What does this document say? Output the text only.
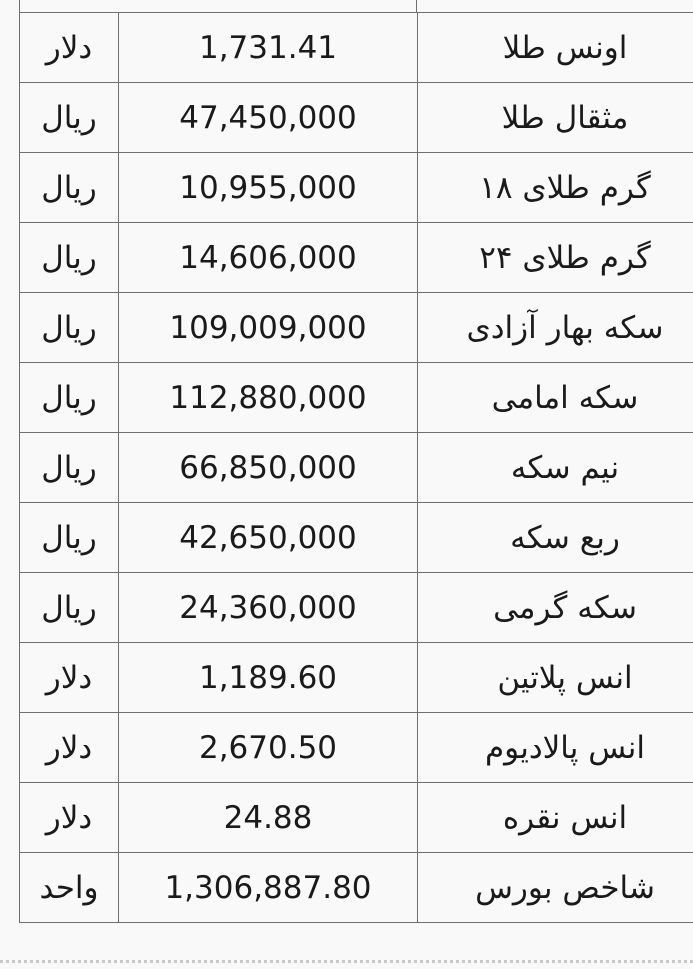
دلار	1,731.41	اونس طلا
ریال	47,450,000	مثقال طلا
ریال	10,955,000	گرم طلای ۱۸
ریال	14,606,000	گرم طلای ۲۴
ریال	109,009,000	سکه بهار آزادی
ریال	112,880,000	سکه امامی
ریال	66,850,000	نیم سکه
ریال	42,650,000	ربع سکه
ریال	24,360,000	سکه گرمی
دلار	1,189.60	انس پلاتین
دلار	2,670.50	انس پالادیوم
دلار	24.88	انس نقره
واحد	1,306,887.80	شاخص بورس
